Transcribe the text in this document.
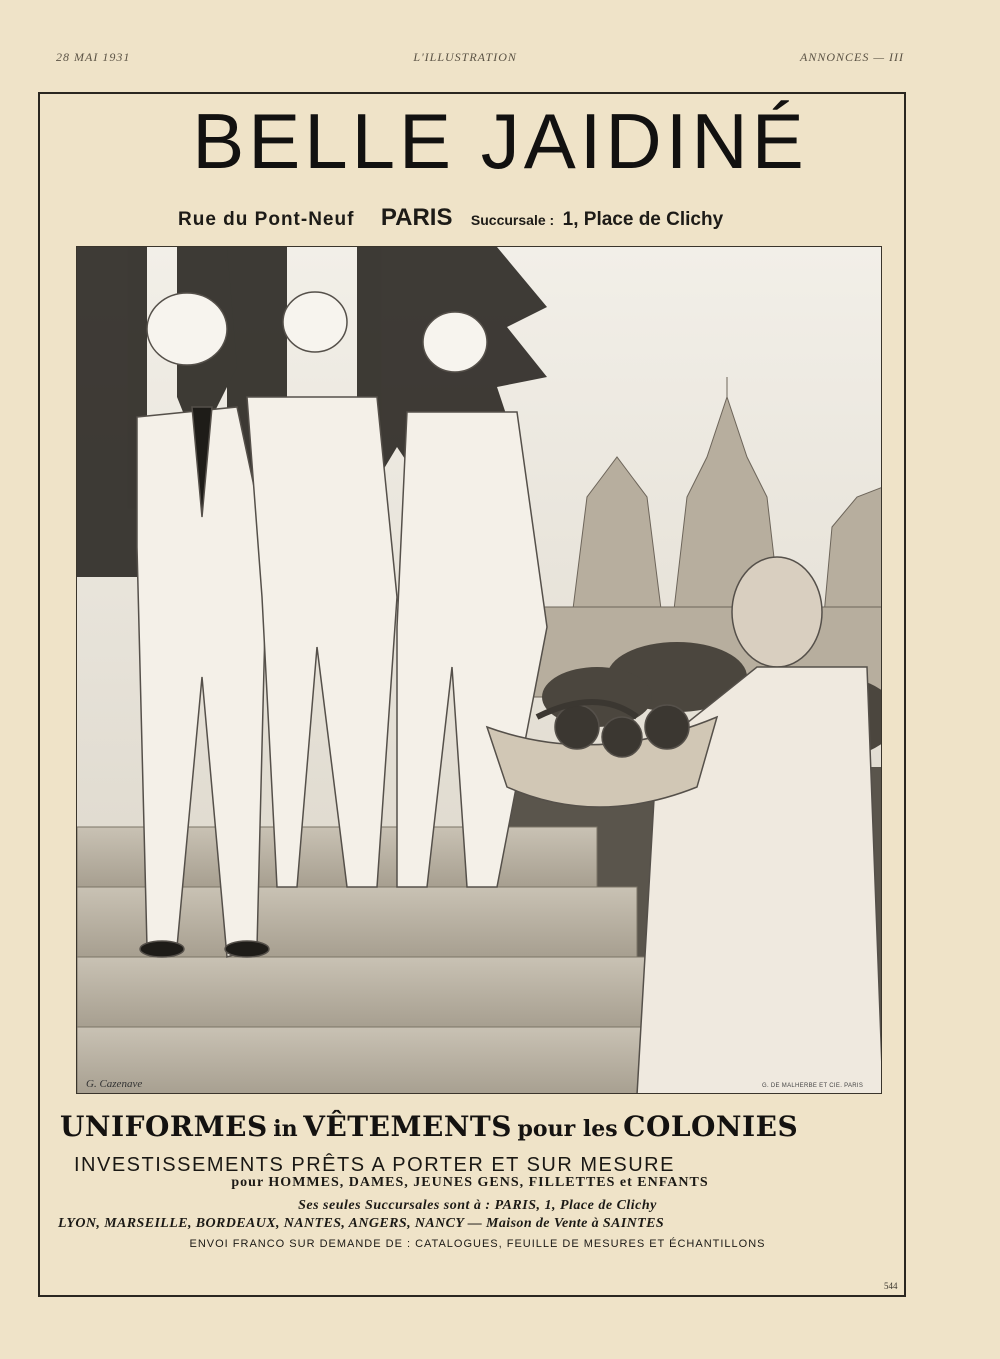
28 MAI 1931	L'ILLUSTRATION	ANNONCES — III
BELLE JAIDINÉ
Rue du Pont-Neuf PARIS Succursale : 1, Place de Clichy
G. Cazenave	G. DE MALHERBE ET CIE. PARIS
UNIFORMES in VÊTEMENTS pour les COLONIES
INVESTISSEMENTS PRÊTS A PORTER ET SUR MESURE
pour HOMMES, DAMES, JEUNES GENS, FILLETTES et ENFANTS
Ses seules Succursales sont à : PARIS, 1, Place de Clichy
LYON, MARSEILLE, BORDEAUX, NANTES, ANGERS, NANCY — Maison de Vente à SAINTES
ENVOI FRANCO SUR DEMANDE DE : CATALOGUES, FEUILLE DE MESURES ET ÉCHANTILLONS
544
